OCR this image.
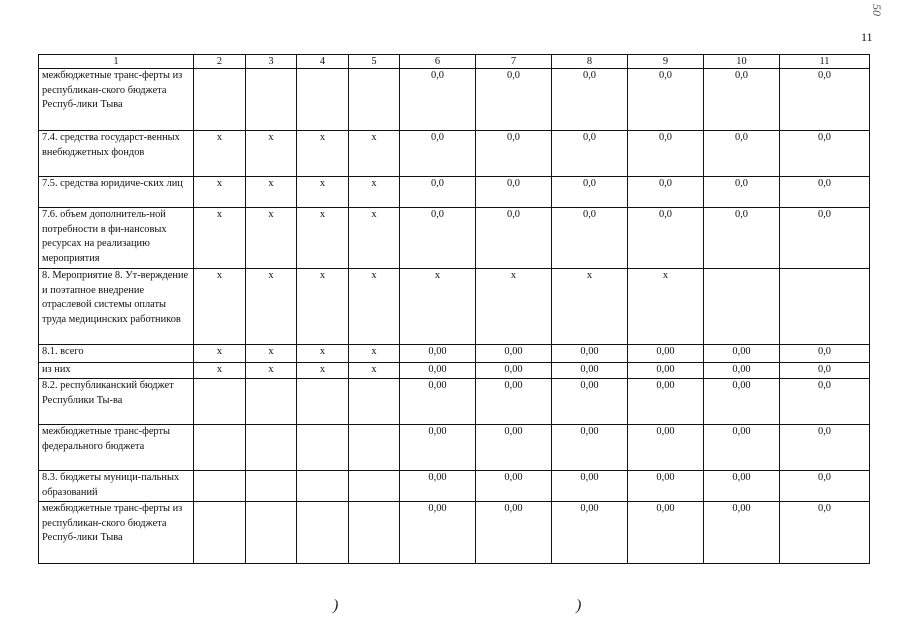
50
11
1	2	3	4	5	6	7	8	9	10	11
межбюджетные транс-ферты из республикан-ского бюджета Респуб-лики Тыва					0,0	0,0	0,0	0,0	0,0	0,0
7.4. средства государст-венных внебюджетных фондов	x	x	x	x	0,0	0,0	0,0	0,0	0,0	0,0
7.5. средства юридиче-ских лиц	x	x	x	x	0,0	0,0	0,0	0,0	0,0	0,0
7.6. объем дополнитель-ной потребности в фи-нансовых ресурсах на реализацию мероприятия	x	x	x	x	0,0	0,0	0,0	0,0	0,0	0,0
8. Мероприятие 8. Ут-верждение и поэтапное внедрение отраслевой системы оплаты труда медицинских работников	x	x	x	x	x	x	x	x		
8.1. всего	x	x	x	x	0,00	0,00	0,00	0,00	0,00	0,0
из них	x	x	x	x	0,00	0,00	0,00	0,00	0,00	0,0
8.2. республиканский бюджет Республики Ты-ва					0,00	0,00	0,00	0,00	0,00	0,0
межбюджетные транс-ферты федерального бюджета					0,00	0,00	0,00	0,00	0,00	0,0
8.3. бюджеты муници-пальных образований					0,00	0,00	0,00	0,00	0,00	0,0
межбюджетные транс-ферты из республикан-ского бюджета Респуб-лики Тыва					0,00	0,00	0,00	0,00	0,00	0,0
)	)
